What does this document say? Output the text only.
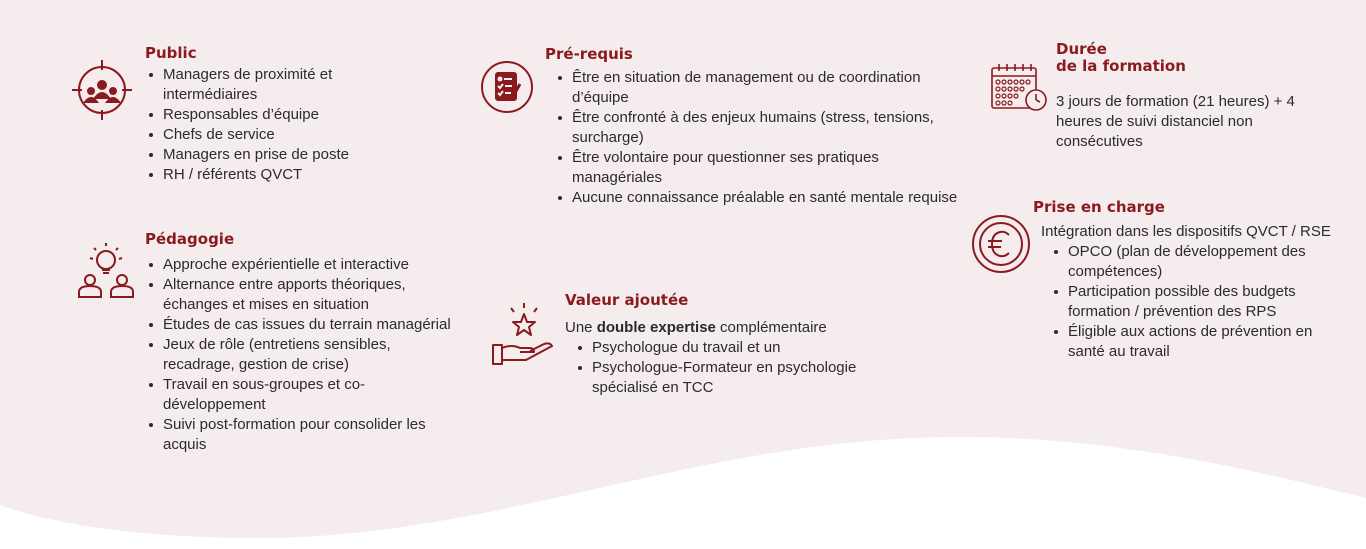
Public
Managers de proximité et intermédiaires
Responsables d’équipe
Chefs de service
Managers en prise de poste
RH / référents QVCT
Pédagogie
Approche expérientielle et interactive
Alternance entre apports théoriques, échanges et mises en situation
Études de cas issues du terrain managérial
Jeux de rôle (entretiens sensibles, recadrage, gestion de crise)
Travail en sous-groupes et co-développement
Suivi post-formation pour consolider les acquis
Pré-requis
Être en situation de management ou de coordination d’équipe
Être confronté à des enjeux humains (stress, tensions, surcharge)
Être volontaire pour questionner ses pratiques managériales
Aucune connaissance préalable en santé mentale requise
Valeur ajoutée
Une double expertise complémentaire
Psychologue du travail et un
Psychologue-Formateur en psychologie spécialisé en TCC
Durée
de la formation
3 jours de formation (21 heures) + 4 heures de suivi distanciel non consécutives
Prise en charge
Intégration dans les dispositifs QVCT / RSE
OPCO (plan de développement des compétences)
Participation possible des budgets formation / prévention des RPS
Éligible aux actions de prévention en santé au travail
